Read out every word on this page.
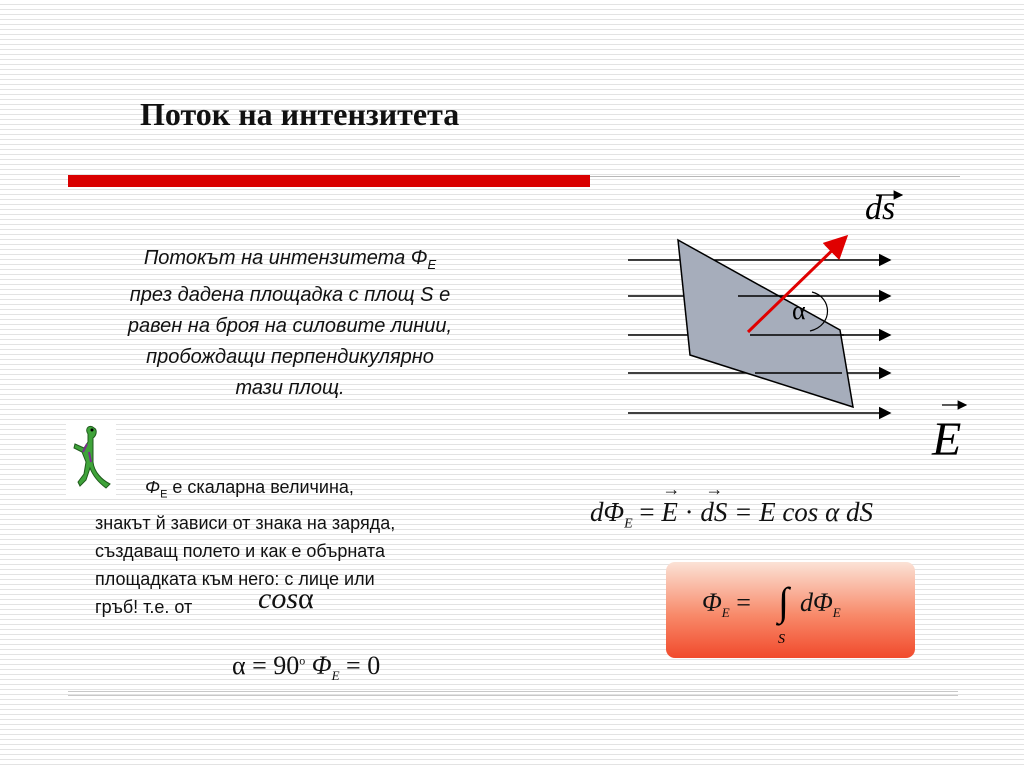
Поток на интензитета
Потокът на интензитета $\Phi_E$
през дадена площадка с площ S е
равен на броя на силовите линии,
пробождащи перпендикулярно
тази площ.
$\Phi_E$ е скаларна величина,
знакът й зависи от знака на заряда,
създаващ полето и как е обърната
площадката към него: с лице или
гръб! т.е. от	cosα
$\alpha = 90^o$ $\Phi_E = 0$
α
ds
E
$d\Phi_E$ = → E · → dS = E cos α dS
$\Phi_E$ = ∫
S
$d\Phi_E$
